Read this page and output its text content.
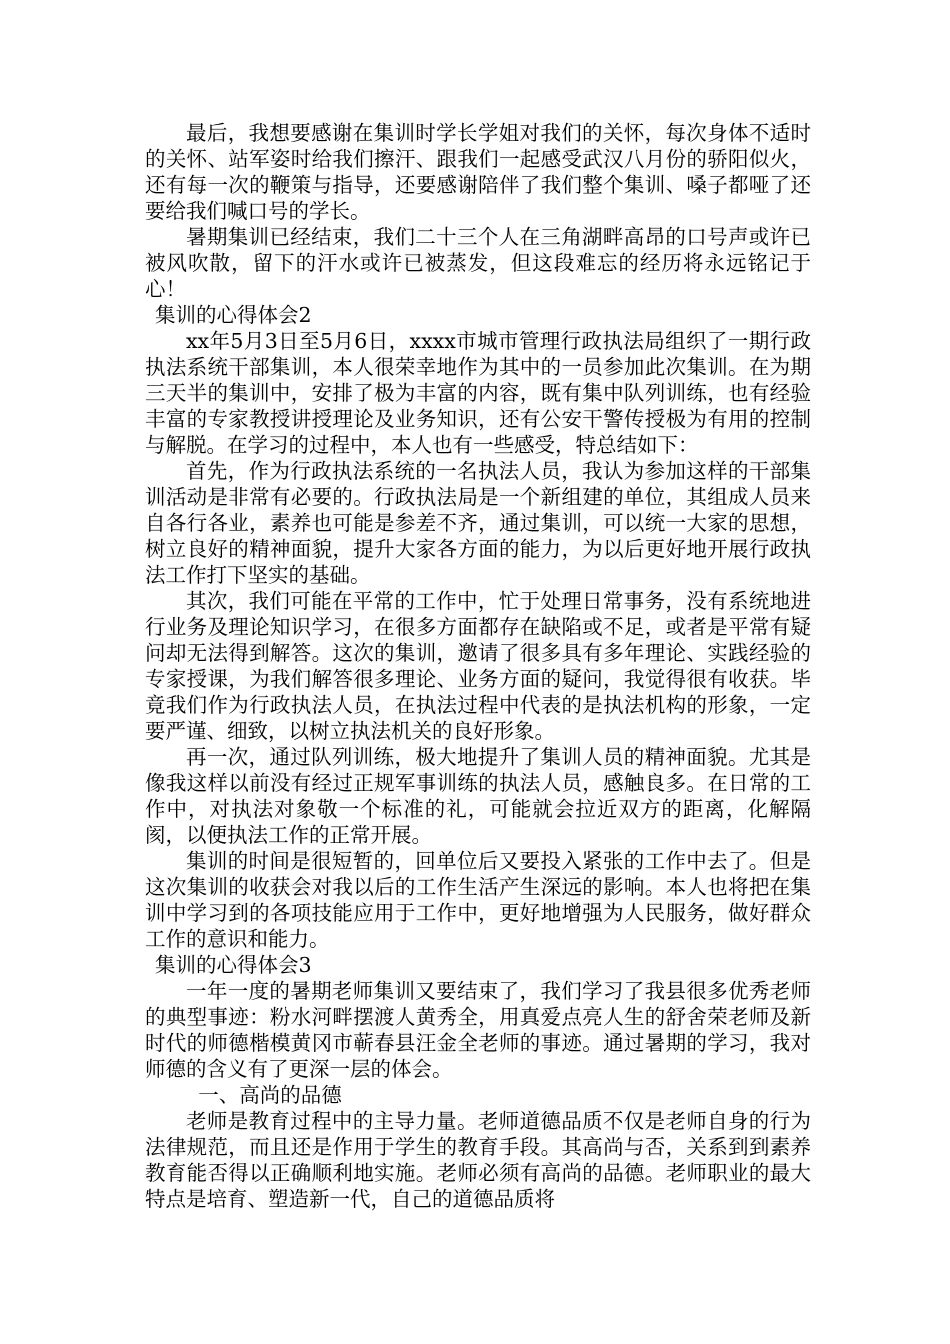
最后，我想要感谢在集训时学长学姐对我们的关怀，每次身体不适时的关怀、站军姿时给我们擦汗、跟我们一起感受武汉八月份的骄阳似火，还有每一次的鞭策与指导，还要感谢陪伴了我们整个集训、嗓子都哑了还要给我们喊口号的学长。

暑期集训已经结束，我们二十三个人在三角湖畔高昂的口号声或许已被风吹散，留下的汗水或许已被蒸发，但这段难忘的经历将永远铭记于心！

集训的心得体会2

xx年5月3日至5月6日，xxxx市城市管理行政执法局组织了一期行政执法系统干部集训，本人很荣幸地作为其中的一员参加此次集训。在为期三天半的集训中，安排了极为丰富的内容，既有集中队列训练，也有经验丰富的专家教授讲授理论及业务知识，还有公安干警传授极为有用的控制与解脱。在学习的过程中，本人也有一些感受，特总结如下：

首先，作为行政执法系统的一名执法人员，我认为参加这样的干部集训活动是非常有必要的。行政执法局是一个新组建的单位，其组成人员来自各行各业，素养也可能是参差不齐，通过集训，可以统一大家的思想，树立良好的精神面貌，提升大家各方面的能力，为以后更好地开展行政执法工作打下坚实的基础。

其次，我们可能在平常的工作中，忙于处理日常事务，没有系统地进行业务及理论知识学习，在很多方面都存在缺陷或不足，或者是平常有疑问却无法得到解答。这次的集训，邀请了很多具有多年理论、实践经验的专家授课，为我们解答很多理论、业务方面的疑问，我觉得很有收获。毕竟我们作为行政执法人员，在执法过程中代表的是执法机构的形象，一定要严谨、细致，以树立执法机关的良好形象。

再一次，通过队列训练，极大地提升了集训人员的精神面貌。尤其是像我这样以前没有经过正规军事训练的执法人员，感触良多。在日常的工作中，对执法对象敬一个标准的礼，可能就会拉近双方的距离，化解隔阂，以便执法工作的正常开展。

集训的时间是很短暂的，回单位后又要投入紧张的工作中去了。但是这次集训的收获会对我以后的工作生活产生深远的影响。本人也将把在集训中学习到的各项技能应用于工作中，更好地增强为人民服务，做好群众工作的意识和能力。

集训的心得体会3

一年一度的暑期老师集训又要结束了，我们学习了我县很多优秀老师的典型事迹：粉水河畔摆渡人黄秀全，用真爱点亮人生的舒舍荣老师及新时代的师德楷模黄冈市蕲春县汪金全老师的事迹。通过暑期的学习，我对师德的含义有了更深一层的体会。

一、高尚的品德

老师是教育过程中的主导力量。老师道德品质不仅是老师自身的行为法律规范，而且还是作用于学生的教育手段。其高尚与否，关系到到素养教育能否得以正确顺利地实施。老师必须有高尚的品德。老师职业的最大特点是培育、塑造新一代，自己的道德品质将
